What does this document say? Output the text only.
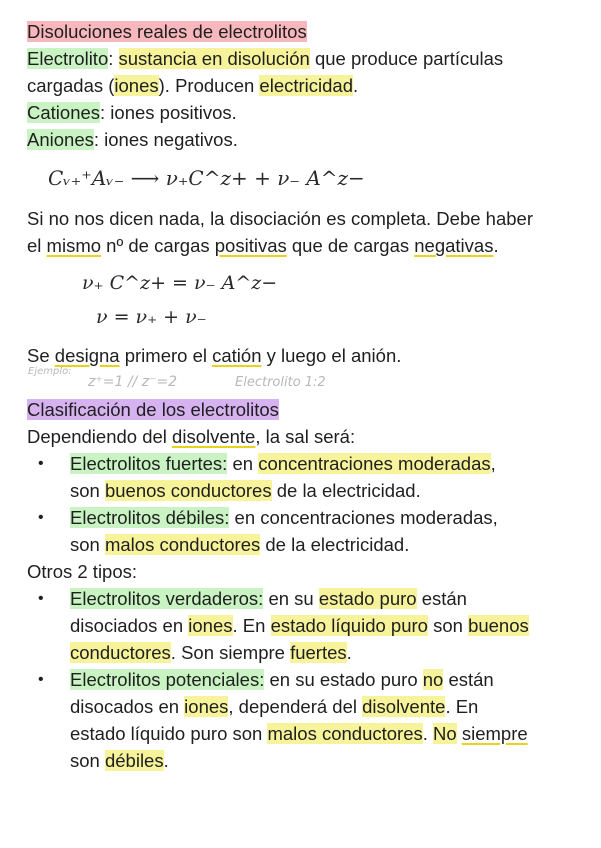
Disoluciones reales de electrolitos
Electrolito: sustancia en disolución que produce partículas
cargadas (iones). Producen electricidad.
Cationes: iones positivos.
Aniones: iones negativos.
Cᵥ₊⁺Aᵥ₋ ⟶ ν₊C^z+ + ν₋ A^z−
Si no nos dicen nada, la disociación es completa. Debe haber
el mismo nº de cargas positivas que de cargas negativas.
ν₊ C^z+ = ν₋ A^z−
ν = ν₊ + ν₋
Se designa primero el catión y luego el anión.
Ejemplo:
z⁺=1 // z⁻=2	Electrolito 1:2
Clasificación de los electrolitos
Dependiendo del disolvente, la sal será:
• Electrolitos fuertes: en concentraciones moderadas,
son buenos conductores de la electricidad.
• Electrolitos débiles: en concentraciones moderadas,
son malos conductores de la electricidad.
Otros 2 tipos:
• Electrolitos verdaderos: en su estado puro están
disociados en iones. En estado líquido puro son buenos
conductores. Son siempre fuertes.
• Electrolitos potenciales: en su estado puro no están
disocados en iones, dependerá del disolvente. En
estado líquido puro son malos conductores. No siempre
son débiles.
